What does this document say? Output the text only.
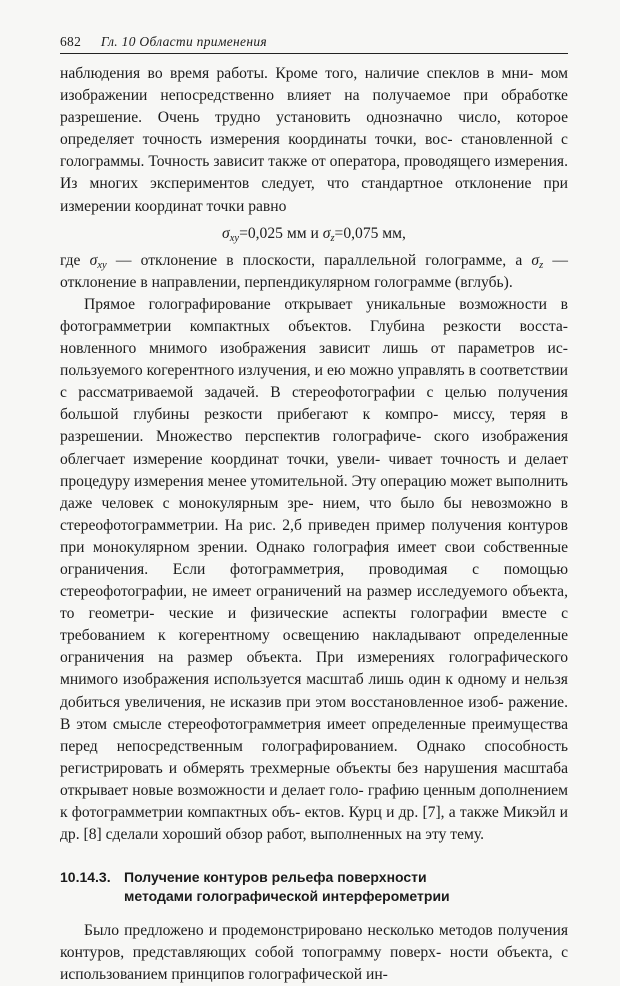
682 Гл. 10 Области применения

наблюдения во время работы. Кроме того, наличие спеклов в мни- мом изображении непосредственно влияет на получаемое при обработке разрешение. Очень трудно установить однозначно число, которое определяет точность измерения координаты точки, вос- становленной с голограммы. Точность зависит также от оператора, проводящего измерения. Из многих экспериментов следует, что стандартное отклонение при измерении координат точки равно

$\sigma_{xy}=0,025$ мм и $\sigma_z=0,075$ мм,

где $\sigma_{xy}$ — отклонение в плоскости, параллельной голограмме, а $\sigma_z$ — отклонение в направлении, перпендикулярном голограмме (вглубь).

Прямое голографирование открывает уникальные возможности в фотограмметрии компактных объектов. Глубина резкости восста- новленного мнимого изображения зависит лишь от параметров ис- пользуемого когерентного излучения, и ею можно управлять в соответствии с рассматриваемой задачей. В стереофотографии с целью получения большой глубины резкости прибегают к компро- миссу, теряя в разрешении. Множество перспектив голографиче- ского изображения облегчает измерение координат точки, увели- чивает точность и делает процедуру измерения менее утомительной. Эту операцию может выполнить даже человек с монокулярным зре- нием, что было бы невозможно в стереофотограмметрии. На рис. 2,б приведен пример получения контуров при монокулярном зрении. Однако голография имеет свои собственные ограничения. Если фотограмметрия, проводимая с помощью стереофотографии, не имеет ограничений на размер исследуемого объекта, то геометри- ческие и физические аспекты голографии вместе с требованием к когерентному освещению накладывают определенные ограничения на размер объекта. При измерениях голографического мнимого изображения используется масштаб лишь один к одному и нельзя добиться увеличения, не исказив при этом восстановленное изоб- ражение. В этом смысле стереофотограмметрия имеет определенные преимущества перед непосредственным голографированием. Однако способность регистрировать и обмерять трехмерные объекты без нарушения масштаба открывает новые возможности и делает голо- графию ценным дополнением к фотограмметрии компактных объ- ектов. Курц и др. [7], а также Микэйл и др. [8] сделали хороший обзор работ, выполненных на эту тему.

10.14.3. Получение контуров рельефа поверхности
методами голографической интерферометрии

Было предложено и продемонстрировано несколько методов получения контуров, представляющих собой топограмму поверх- ности объекта, с использованием принципов голографической ин-
